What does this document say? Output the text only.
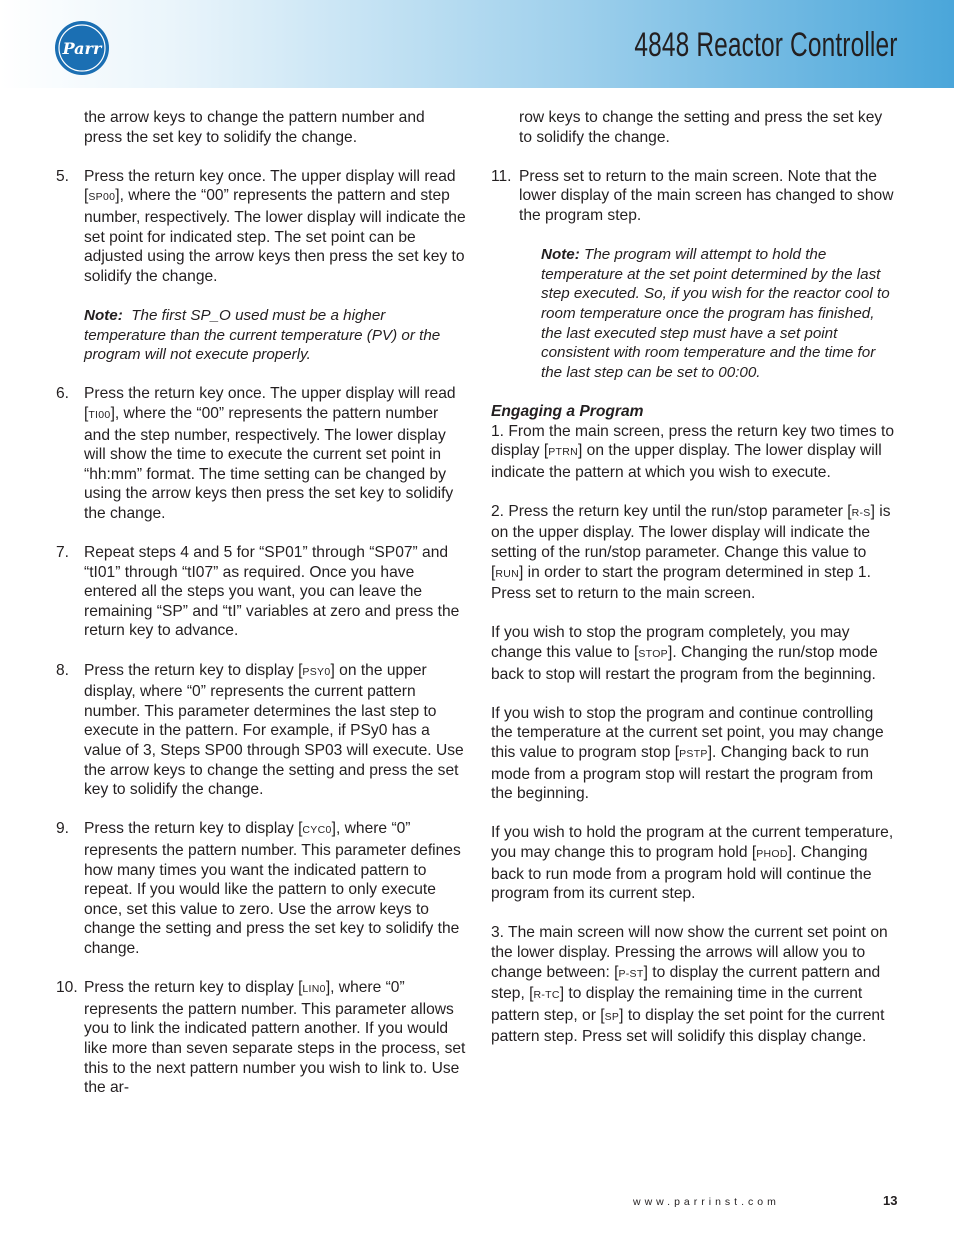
Parr	4848 Reactor Controller

the arrow keys to change the pattern number and press the set key to solidify the change.

5. Press the return key once. The upper display will read [SP00], where the “00” represents the pattern and step number, respectively. The lower display will indicate the set point for indicated step. The set point can be adjusted using the arrow keys then press the set key to solidify the change.

Note: The first SP_O used must be a higher temperature than the current temperature (PV) or the program will not execute properly.

6. Press the return key once. The upper display will read [TI00], where the “00” represents the pattern number and the step number, respectively. The lower display will show the time to execute the current set point in “hh:mm” format. The time setting can be changed by using the arrow keys then press the set key to solidify the change.

7. Repeat steps 4 and 5 for “SP01” through “SP07” and “tI01” through “tI07” as required. Once you have entered all the steps you want, you can leave the remaining “SP” and “tI” variables at zero and press the return key to advance.

8. Press the return key to display [PSY0] on the upper display, where “0” represents the current pattern number. This parameter determines the last step to execute in the pattern. For example, if PSy0 has a value of 3, Steps SP00 through SP03 will execute. Use the arrow keys to change the setting and press the set key to solidify the change.

9. Press the return key to display [CYC0], where “0” represents the pattern number. This parameter defines how many times you want the indicated pattern to repeat. If you would like the pattern to only execute once, set this value to zero. Use the arrow keys to change the setting and press the set key to solidify the change.

10. Press the return key to display [LIN0], where “0” represents the pattern number. This parameter allows you to link the indicated pattern another. If you would like more than seven separate steps in the process, set this to the next pattern number you wish to link to. Use the ar-

row keys to change the setting and press the set key to solidify the change.

11. Press set to return to the main screen. Note that the lower display of the main screen has changed to show the program step.

Note: The program will attempt to hold the temperature at the set point determined by the last step executed. So, if you wish for the reactor cool to room temperature once the program has finished, the last executed step must have a set point consistent with room temperature and the time for the last step can be set to 00:00.

Engaging a Program

1. From the main screen, press the return key two times to display [PTRN] on the upper display. The lower display will indicate the pattern at which you wish to execute.

2. Press the return key until the run/stop parameter [R-S] is on the upper display. The lower display will indicate the setting of the run/stop parameter. Change this value to [RUN] in order to start the program determined in step 1. Press set to return to the main screen.

If you wish to stop the program completely, you may change this value to [STOP]. Changing the run/stop mode back to stop will restart the program from the beginning.

If you wish to stop the program and continue controlling the temperature at the current set point, you may change this value to program stop [PSTP]. Changing back to run mode from a program stop will restart the program from the beginning.

If you wish to hold the program at the current temperature, you may change this to program hold [PHOD]. Changing back to run mode from a program hold will continue the program from its current step.

3. The main screen will now show the current set point on the lower display. Pressing the arrows will allow you to change between: [P-ST] to display the current pattern and step, [R-TC] to display the remaining time in the current pattern step, or [SP] to display the set point for the current pattern step. Press set will solidify this display change.

www.parrinst.com	13
